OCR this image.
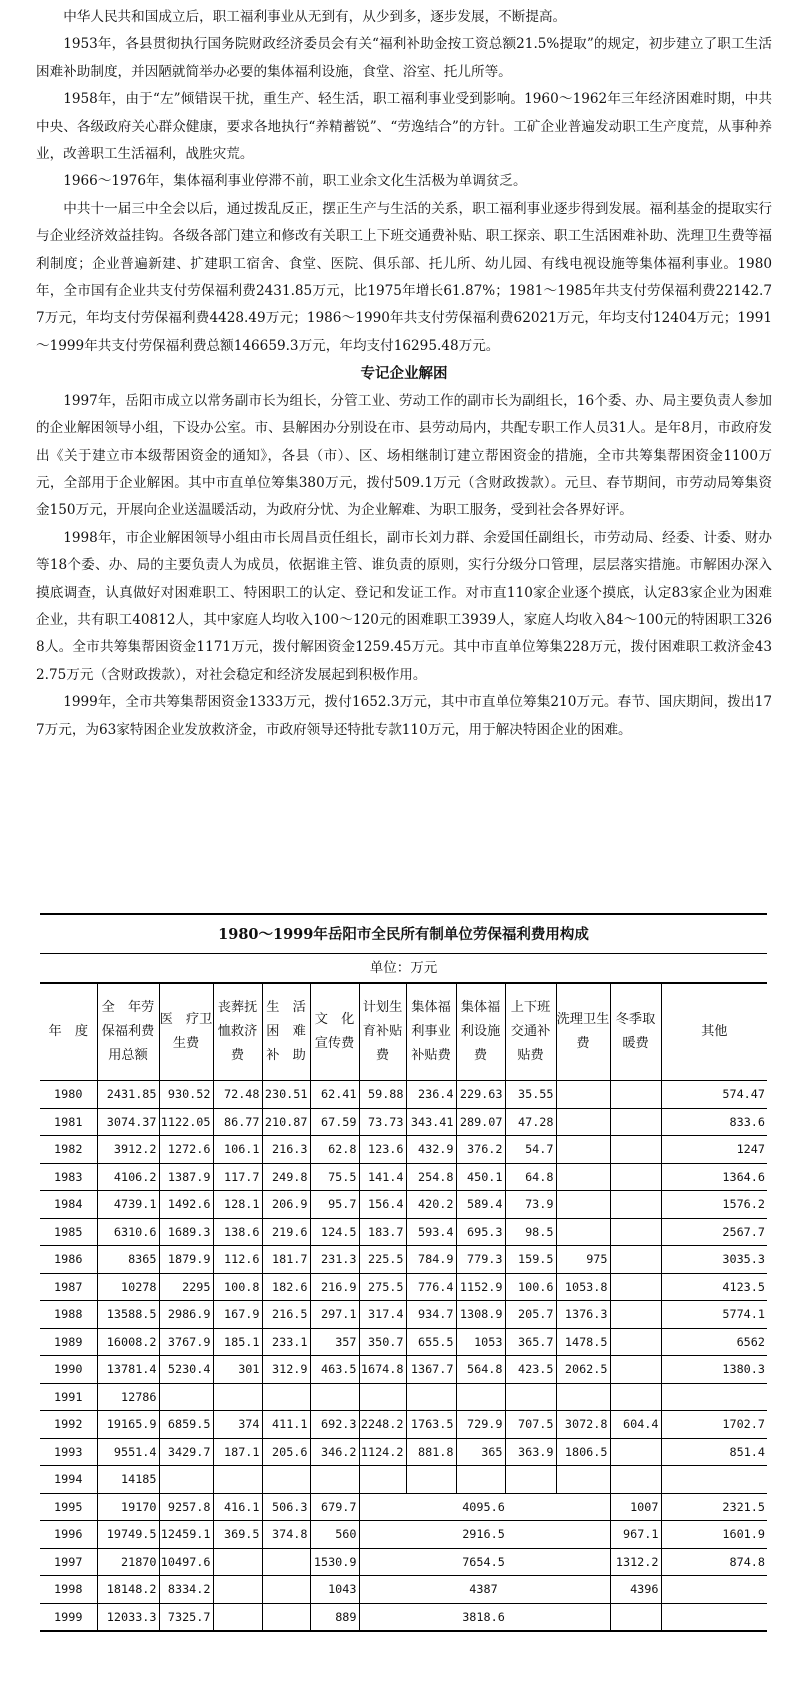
中华人民共和国成立后，职工福利事业从无到有，从少到多，逐步发展，不断提高。

1953年，各县贯彻执行国务院财政经济委员会有关“福利补助金按工资总额21.5%提取”的规定，初步建立了职工生活困难补助制度，并因陋就简举办必要的集体福利设施，食堂、浴室、托儿所等。

1958年，由于“左”倾错误干扰，重生产、轻生活，职工福利事业受到影响。1960～1962年三年经济困难时期，中共中央、各级政府关心群众健康，要求各地执行“养精蓄锐”、“劳逸结合”的方针。工矿企业普遍发动职工生产度荒，从事种养业，改善职工生活福利，战胜灾荒。

1966～1976年，集体福利事业停滞不前，职工业余文化生活极为单调贫乏。

中共十一届三中全会以后，通过拨乱反正，摆正生产与生活的关系，职工福利事业逐步得到发展。福利基金的提取实行与企业经济效益挂钩。各级各部门建立和修改有关职工上下班交通费补贴、职工探亲、职工生活困难补助、洗理卫生费等福利制度；企业普遍新建、扩建职工宿舍、食堂、医院、俱乐部、托儿所、幼儿园、有线电视设施等集体福利事业。1980年，全市国有企业共支付劳保福利费2431.85万元，比1975年增长61.87%；1981～1985年共支付劳保福利费22142.77万元，年均支付劳保福利费4428.49万元；1986～1990年共支付劳保福利费62021万元，年均支付12404万元；1991～1999年共支付劳保福利费总额146659.3万元，年均支付16295.48万元。

专记企业解困

1997年，岳阳市成立以常务副市长为组长，分管工业、劳动工作的副市长为副组长，16个委、办、局主要负责人参加的企业解困领导小组，下设办公室。市、县解困办分别设在市、县劳动局内，共配专职工作人员31人。是年8月，市政府发出《关于建立市本级帮困资金的通知》，各县（市）、区、场相继制订建立帮困资金的措施，全市共筹集帮困资金1100万元，全部用于企业解困。其中市直单位筹集380万元，拨付509.1万元（含财政拨款）。元旦、春节期间，市劳动局筹集资金150万元，开展向企业送温暖活动，为政府分忧、为企业解难、为职工服务，受到社会各界好评。

1998年，市企业解困领导小组由市长周昌贡任组长，副市长刘力群、余爱国任副组长，市劳动局、经委、计委、财办等18个委、办、局的主要负责人为成员，依据谁主管、谁负责的原则，实行分级分口管理，层层落实措施。市解困办深入摸底调查，认真做好对困难职工、特困职工的认定、登记和发证工作。对市直110家企业逐个摸底，认定83家企业为困难企业，共有职工40812人，其中家庭人均收入100～120元的困难职工3939人，家庭人均收入84～100元的特困职工3268人。全市共筹集帮困资金1171万元，拨付解困资金1259.45万元。其中市直单位筹集228万元，拨付困难职工救济金432.75万元（含财政拨款），对社会稳定和经济发展起到积极作用。

1999年，全市共筹集帮困资金1333万元，拨付1652.3万元，其中市直单位筹集210万元。春节、国庆期间，拨出177万元，为63家特困企业发放救济金，市政府领导还特批专款110万元，用于解决特困企业的困难。

1980～1999年岳阳市全民所有制单位劳保福利费用构成
单位：万元
年　度	全　年劳保福利费用总额	医　疗卫生费	丧葬抚恤救济费	生　活困　难补　助	文　化宣传费	计划生育补贴费	集体福利事业补贴费	集体福利设施费	上下班交通补贴费	洗理卫生费	冬季取暖费	其他
1980	2431.85	930.52	72.48	230.51	62.41	59.88	236.4	229.63	35.55			574.47
1981	3074.37	1122.05	86.77	210.87	67.59	73.73	343.41	289.07	47.28			833.6
1982	3912.2	1272.6	106.1	216.3	62.8	123.6	432.9	376.2	54.7			1247
1983	4106.2	1387.9	117.7	249.8	75.5	141.4	254.8	450.1	64.8			1364.6
1984	4739.1	1492.6	128.1	206.9	95.7	156.4	420.2	589.4	73.9			1576.2
1985	6310.6	1689.3	138.6	219.6	124.5	183.7	593.4	695.3	98.5			2567.7
1986	8365	1879.9	112.6	181.7	231.3	225.5	784.9	779.3	159.5	975		3035.3
1987	10278	2295	100.8	182.6	216.9	275.5	776.4	1152.9	100.6	1053.8		4123.5
1988	13588.5	2986.9	167.9	216.5	297.1	317.4	934.7	1308.9	205.7	1376.3		5774.1
1989	16008.2	3767.9	185.1	233.1	357	350.7	655.5	1053	365.7	1478.5		6562
1990	13781.4	5230.4	301	312.9	463.5	1674.8	1367.7	564.8	423.5	2062.5		1380.3
1991	12786											
1992	19165.9	6859.5	374	411.1	692.3	2248.2	1763.5	729.9	707.5	3072.8	604.4	1702.7
1993	9551.4	3429.7	187.1	205.6	346.2	1124.2	881.8	365	363.9	1806.5		851.4
1994	14185											
1995	19170	9257.8	416.1	506.3	679.7	4095.6					1007	2321.5
1996	19749.5	12459.1	369.5	374.8	560	2916.5					967.1	1601.9
1997	21870	10497.6			1530.9	7654.5					1312.2	874.8
1998	18148.2	8334.2			1043	4387					4396	
1999	12033.3	7325.7			889	3818.6						
